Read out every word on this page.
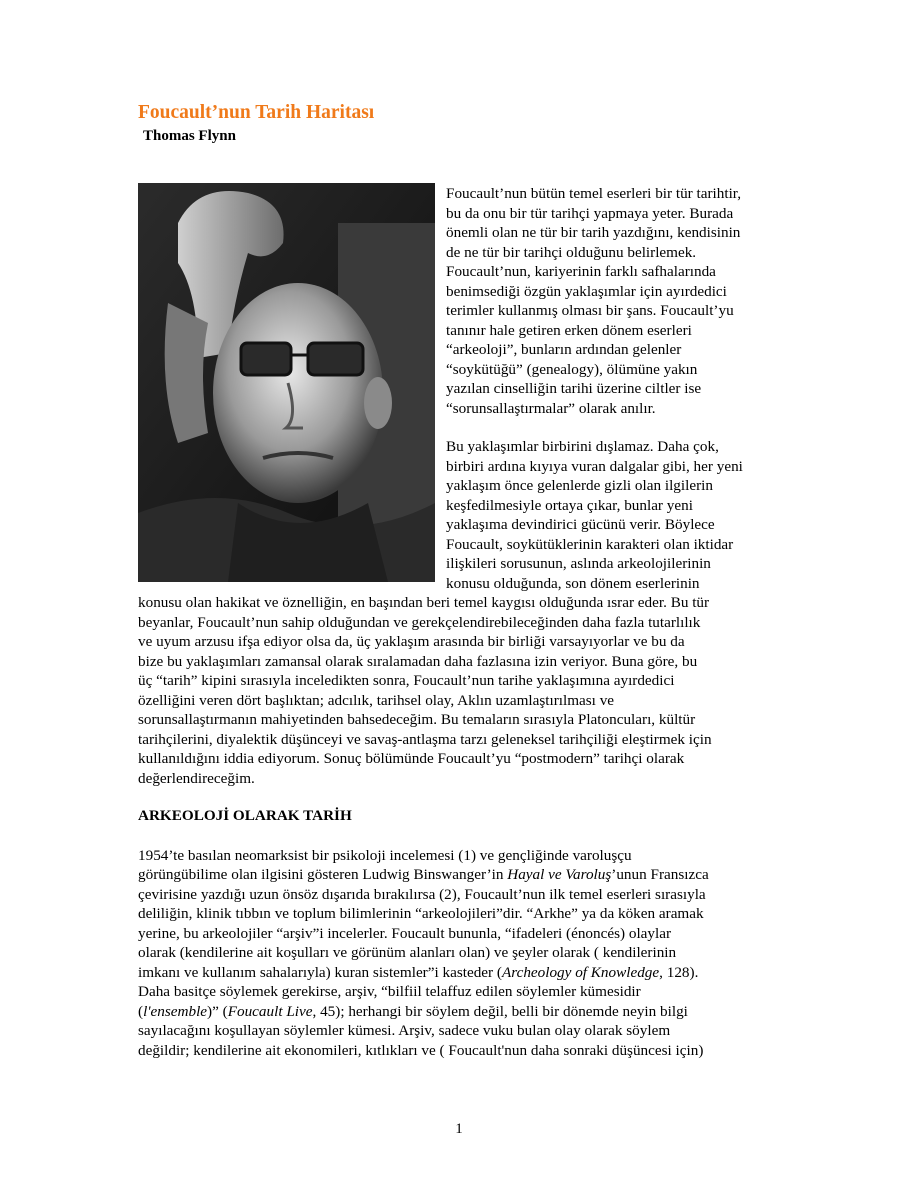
Foucault’nun Tarih Haritası

Thomas Flynn

Foucault’nun bütün temel eserleri bir tür tarihtir,

bu da onu bir tür tarihçi yapmaya yeter. Burada

önemli olan ne tür bir tarih yazdığını, kendisinin

de ne tür bir tarihçi olduğunu belirlemek.

Foucault’nun, kariyerinin farklı safhalarında

benimsediği özgün yaklaşımlar için ayırdedici

terimler kullanmış olması bir şans. Foucault’yu

tanınır hale getiren erken dönem eserleri

“arkeoloji”, bunların ardından gelenler

“soykütüğü” (genealogy), ölümüne yakın

yazılan cinselliğin tarihi üzerine ciltler ise

“sorunsallaştırmalar” olarak anılır.

Bu yaklaşımlar birbirini dışlamaz. Daha çok,

birbiri ardına kıyıya vuran dalgalar gibi, her yeni

yaklaşım önce gelenlerde gizli olan ilgilerin

keşfedilmesiyle ortaya çıkar, bunlar yeni

yaklaşıma devindirici gücünü verir. Böylece

Foucault, soykütüklerinin karakteri olan iktidar

ilişkileri sorusunun, aslında arkeolojilerinin

konusu olduğunda, son dönem eserlerinin

konusu olan hakikat ve öznelliğin, en başından beri temel kaygısı olduğunda ısrar eder. Bu tür

beyanlar, Foucault’nun sahip olduğundan ve gerekçelendirebileceğinden daha fazla tutarlılık

ve uyum arzusu ifşa ediyor olsa da, üç yaklaşım arasında bir birliği varsayıyorlar ve bu da

bize bu yaklaşımları zamansal olarak sıralamadan daha fazlasına izin veriyor. Buna göre, bu

üç “tarih” kipini sırasıyla inceledikten sonra, Foucault’nun tarihe yaklaşımına ayırdedici

özelliğini veren dört başlıktan; adcılık, tarihsel olay, Aklın uzamlaştırılması ve

sorunsallaştırmanın mahiyetinden bahsedeceğim. Bu temaların sırasıyla Platoncuları, kültür

tarihçilerini, diyalektik düşünceyi ve savaş-antlaşma tarzı geleneksel tarihçiliği eleştirmek için

kullanıldığını iddia ediyorum. Sonuç bölümünde Foucault’yu “postmodern” tarihçi olarak

değerlendireceğim.

ARKEOLOJİ OLARAK TARİH

1954’te basılan neomarksist bir psikoloji incelemesi (1) ve gençliğinde varoluşçu

görüngübilime olan ilgisini gösteren Ludwig Binswanger’in Hayal ve Varoluş’unun Fransızca

çevirisine yazdığı uzun önsöz dışarıda bırakılırsa (2), Foucault’nun ilk temel eserleri sırasıyla

deliliğin, klinik tıbbın ve toplum bilimlerinin “arkeolojileri”dir. “Arkhe” ya da köken aramak

yerine, bu arkeolojiler “arşiv”i incelerler. Foucault bununla, “ifadeleri (énoncés) olaylar

olarak (kendilerine ait koşulları ve görünüm alanları olan) ve şeyler olarak ( kendilerinin

imkanı ve kullanım sahalarıyla) kuran sistemler”i kasteder (Archeology of Knowledge, 128).

Daha basitçe söylemek gerekirse, arşiv, “bilfiil telaffuz edilen söylemler kümesidir

(l'ensemble)” (Foucault Live, 45); herhangi bir söylem değil, belli bir dönemde neyin bilgi

sayılacağını koşullayan söylemler kümesi. Arşiv, sadece vuku bulan olay olarak söylem

değildir; kendilerine ait ekonomileri, kıtlıkları ve ( Foucault'nun daha sonraki düşüncesi için)

1
